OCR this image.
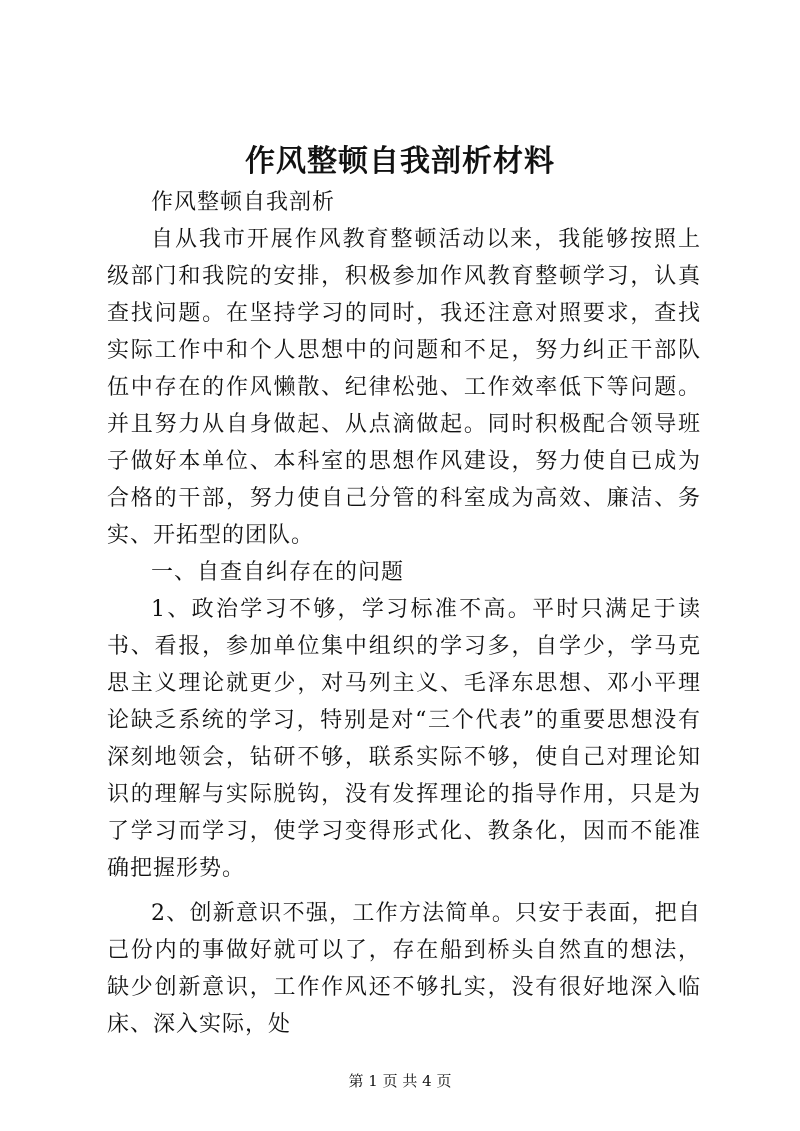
作风整顿自我剖析材料

作风整顿自我剖析

自从我市开展作风教育整顿活动以来，我能够按照上级部门和我院的安排，积极参加作风教育整顿学习，认真查找问题。在坚持学习的同时，我还注意对照要求，查找实际工作中和个人思想中的问题和不足，努力纠正干部队伍中存在的作风懒散、纪律松弛、工作效率低下等问题。并且努力从自身做起、从点滴做起。同时积极配合领导班子做好本单位、本科室的思想作风建设，努力使自已成为合格的干部，努力使自己分管的科室成为高效、廉洁、务实、开拓型的团队。

一、自查自纠存在的问题

1、政治学习不够，学习标准不高。平时只满足于读书、看报，参加单位集中组织的学习多，自学少，学马克思主义理论就更少，对马列主义、毛泽东思想、邓小平理论缺乏系统的学习，特别是对“三个代表”的重要思想没有深刻地领会，钻研不够，联系实际不够，使自己对理论知识的理解与实际脱钩，没有发挥理论的指导作用，只是为了学习而学习，使学习变得形式化、教条化，因而不能准确把握形势。

2、创新意识不强，工作方法简单。只安于表面，把自己份内的事做好就可以了，存在船到桥头自然直的想法，缺少创新意识，工作作风还不够扎实，没有很好地深入临床、深入实际，处

第 1 页 共 4 页
